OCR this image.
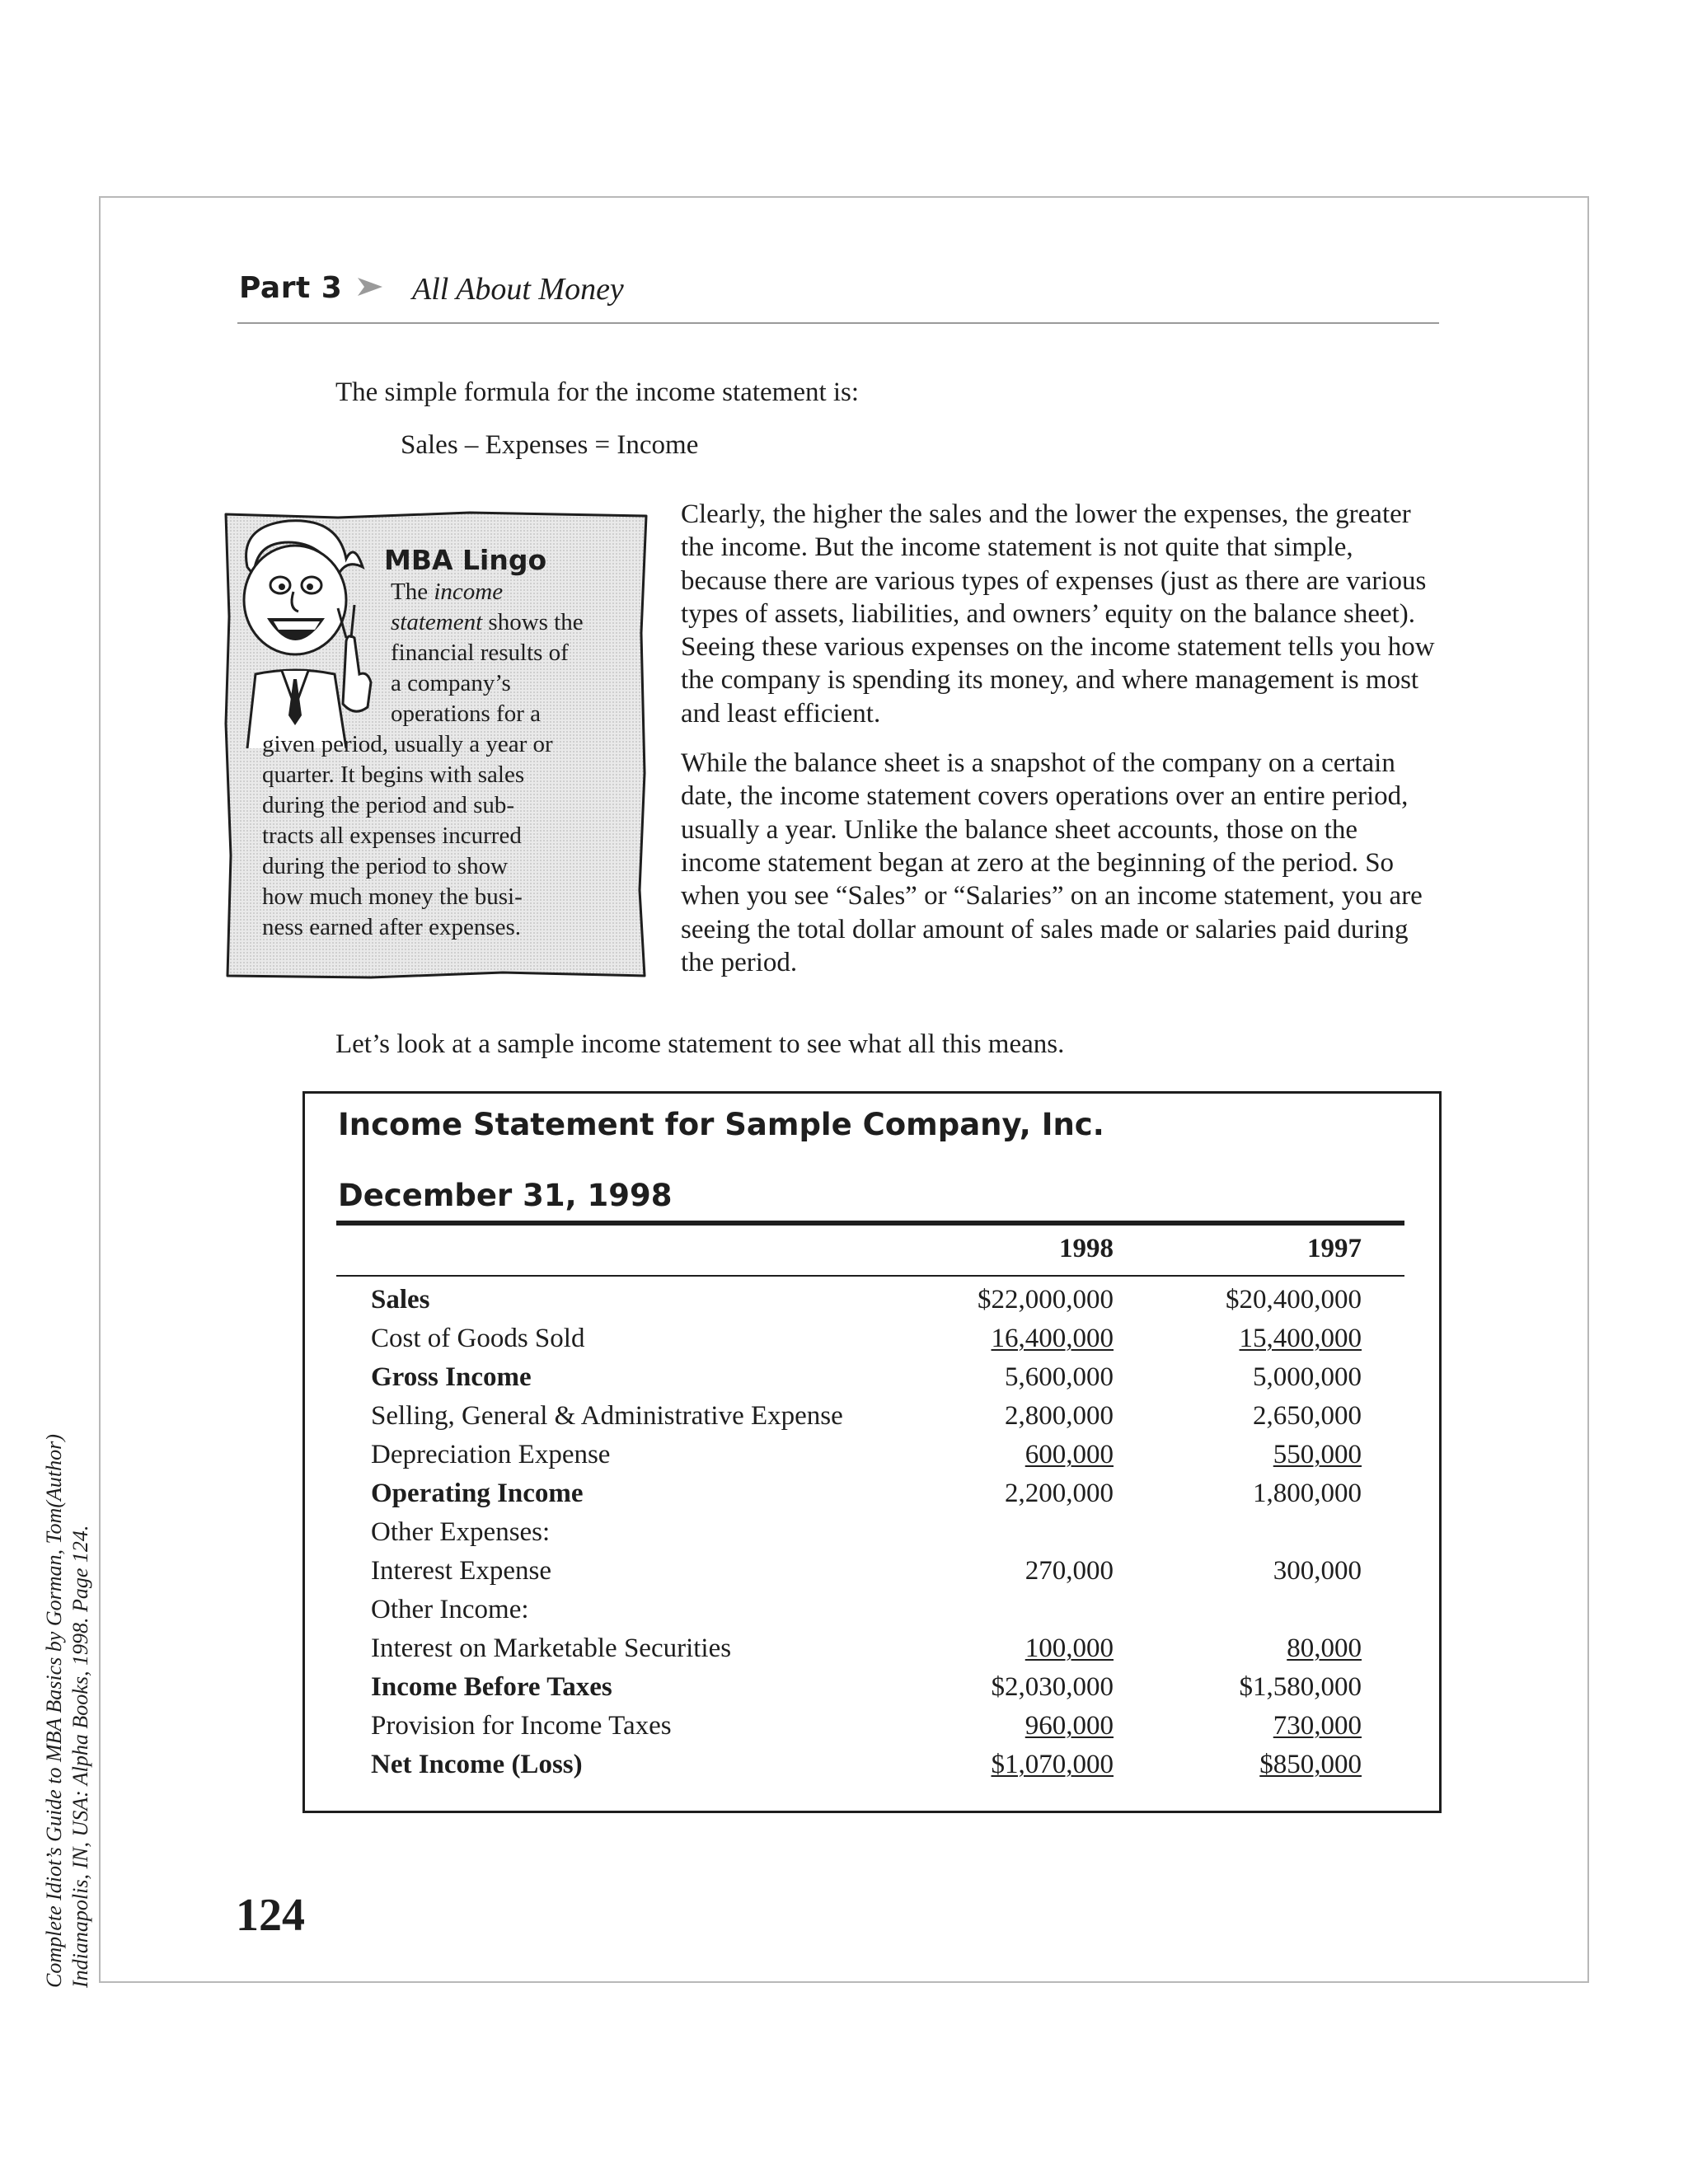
Part 3 All About Money

The simple formula for the income statement is:

Sales – Expenses = Income
MBA Lingo
The income
statement shows the
financial results of
a company’s
operations for a
given period, usually a year or
quarter. It begins with sales
during the period and sub-
tracts all expenses incurred
during the period to show
how much money the busi-
ness earned after expenses.

Clearly, the higher the sales and the lower the expenses, the greater the income. But the income statement is not quite that simple, because there are various types of expenses (just as there are various types of assets, liabilities, and owners’ equity on the balance sheet). Seeing these various expenses on the income statement tells you how the company is spending its money, and where management is most and least efficient.

While the balance sheet is a snapshot of the company on a certain date, the income statement covers operations over an entire period, usually a year. Unlike the balance sheet accounts, those on the income statement began at zero at the beginning of the period. So when you see “Sales” or “Salaries” on an income statement, you are seeing the total dollar amount of sales made or salaries paid during the period.

Let’s look at a sample income statement to see what all this means.

Income Statement for Sample Company, Inc.
December 31, 1998
1998	1997
Sales	$22,000,000	$20,400,000
Cost of Goods Sold	16,400,000	15,400,000
Gross Income	5,600,000	5,000,000
Selling, General & Administrative Expense	2,800,000	2,650,000
Depreciation Expense	600,000	550,000
Operating Income	2,200,000	1,800,000
Other Expenses:
Interest Expense	270,000	300,000
Other Income:
Interest on Marketable Securities	100,000	80,000
Income Before Taxes	$2,030,000	$1,580,000
Provision for Income Taxes	960,000	730,000
Net Income (Loss)	$1,070,000	$850,000
124
Complete Idiot’s Guide to MBA Basics by Gorman, Tom(Author) Indianapolis, IN, USA: Alpha Books, 1998. Page 124.
